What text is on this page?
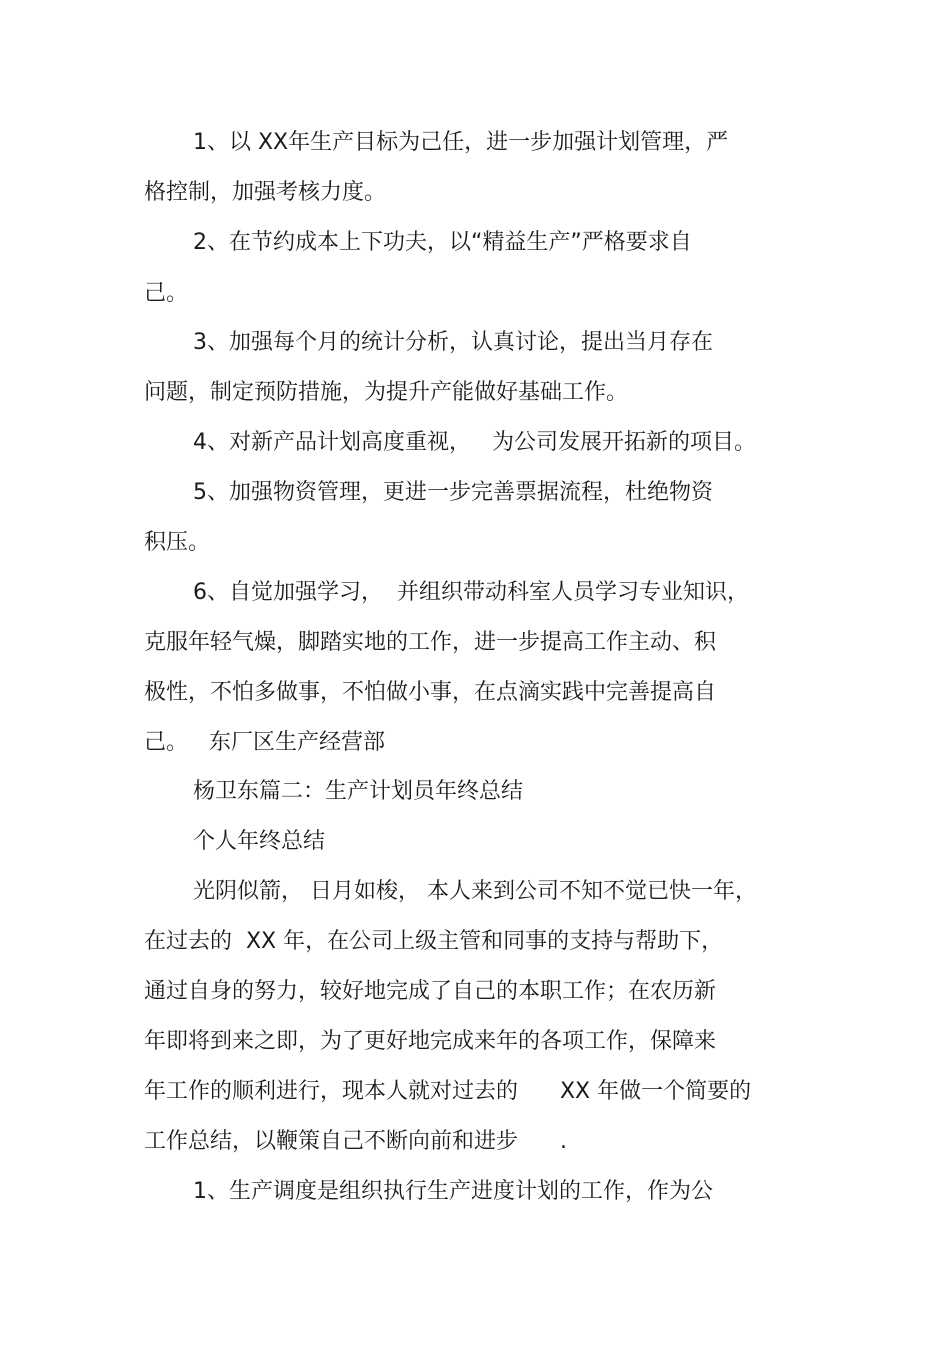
1、以 XX年生产目标为己任，进一步加强计划管理，严
格控制，加强考核力度。
2、在节约成本上下功夫，以“精益生产”严格要求自
己。
3、加强每个月的统计分析，认真讨论，提出当月存在
问题，制定预防措施，为提升产能做好基础工作。
4、对新产品计划高度重视，   为公司发展开拓新的项目。
5、加强物资管理，更进一步完善票据流程，杜绝物资
积压。
6、自觉加强学习，  并组织带动科室人员学习专业知识，
克服年轻气燥，脚踏实地的工作，进一步提高工作主动、积
极性，不怕多做事，不怕做小事，在点滴实践中完善提高自
己。   东厂区生产经营部
杨卫东篇二：生产计划员年终总结
个人年终总结
光阴似箭， 日月如梭， 本人来到公司不知不觉已快一年，
在过去的  XX 年，在公司上级主管和同事的支持与帮助下，
通过自身的努力，较好地完成了自己的本职工作；在农历新
年即将到来之即，为了更好地完成来年的各项工作，保障来
年工作的顺利进行，现本人就对过去的      XX 年做一个简要的
工作总结，以鞭策自己不断向前和进步      .
1、生产调度是组织执行生产进度计划的工作，作为公
